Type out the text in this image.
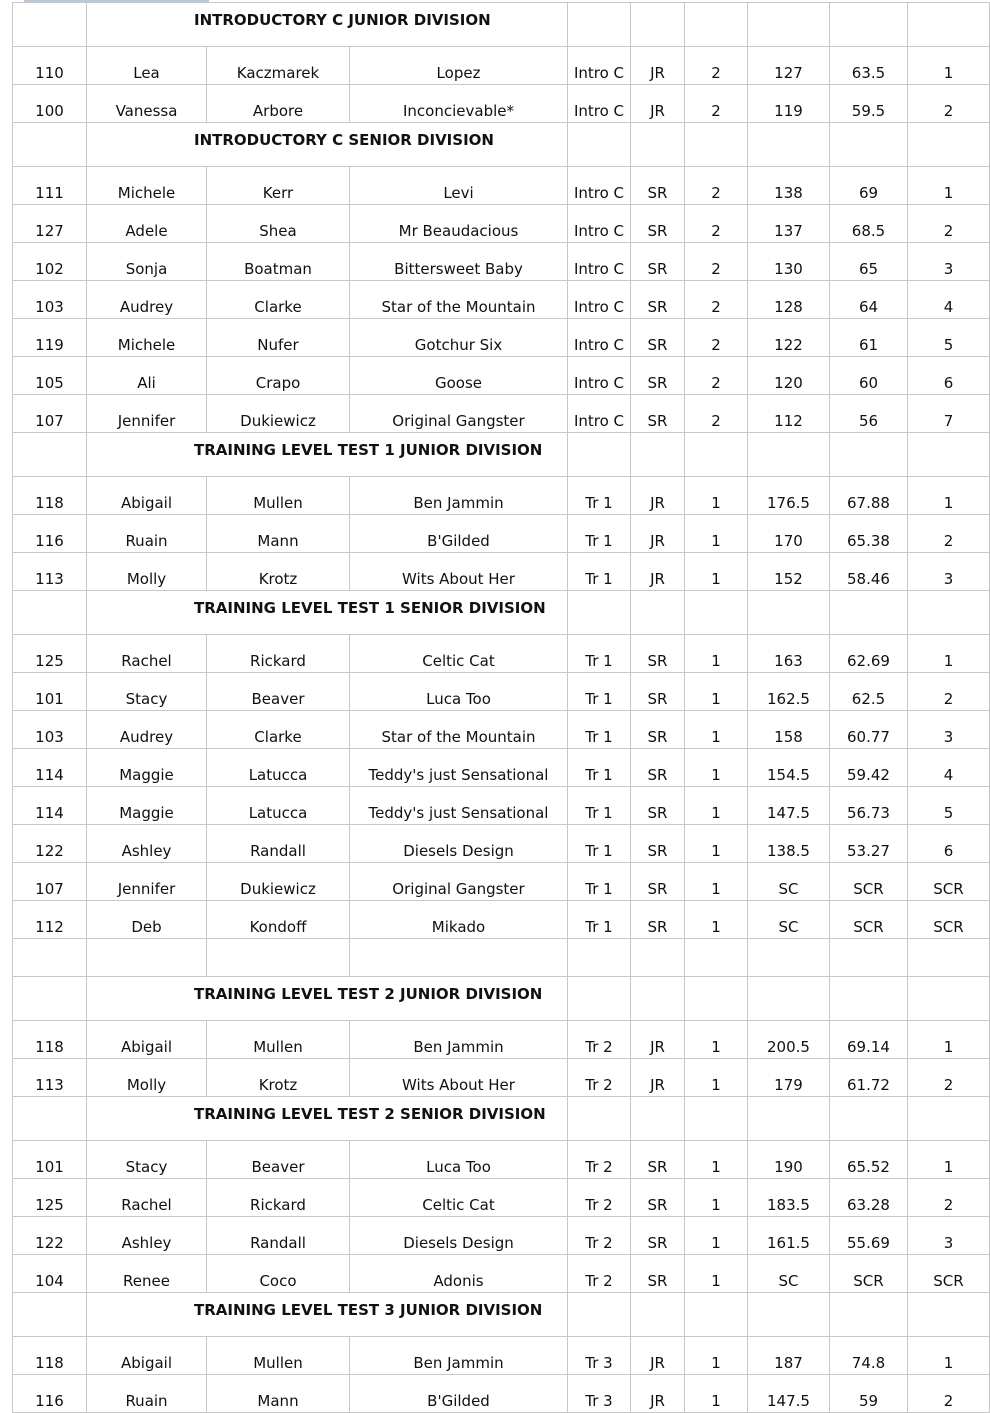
	INTRODUCTORY C JUNIOR DIVISION								
110	Lea	Kaczmarek	Lopez	Intro C	JR	2	127	63.5	1
100	Vanessa	Arbore	Inconcievable*	Intro C	JR	2	119	59.5	2
	INTRODUCTORY C SENIOR DIVISION								
111	Michele	Kerr	Levi	Intro C	SR	2	138	69	1
127	Adele	Shea	Mr Beaudacious	Intro C	SR	2	137	68.5	2
102	Sonja	Boatman	Bittersweet Baby	Intro C	SR	2	130	65	3
103	Audrey	Clarke	Star of the Mountain	Intro C	SR	2	128	64	4
119	Michele	Nufer	Gotchur Six	Intro C	SR	2	122	61	5
105	Ali	Crapo	Goose	Intro C	SR	2	120	60	6
107	Jennifer	Dukiewicz	Original Gangster	Intro C	SR	2	112	56	7
	TRAINING LEVEL TEST 1 JUNIOR DIVISION								
118	Abigail	Mullen	Ben Jammin	Tr 1	JR	1	176.5	67.88	1
116	Ruain	Mann	B'Gilded	Tr 1	JR	1	170	65.38	2
113	Molly	Krotz	Wits About Her	Tr 1	JR	1	152	58.46	3
	TRAINING LEVEL TEST 1 SENIOR DIVISION								
125	Rachel	Rickard	Celtic Cat	Tr 1	SR	1	163	62.69	1
101	Stacy	Beaver	Luca Too	Tr 1	SR	1	162.5	62.5	2
103	Audrey	Clarke	Star of the Mountain	Tr 1	SR	1	158	60.77	3
114	Maggie	Latucca	Teddy's just Sensational	Tr 1	SR	1	154.5	59.42	4
114	Maggie	Latucca	Teddy's just Sensational	Tr 1	SR	1	147.5	56.73	5
122	Ashley	Randall	Diesels Design	Tr 1	SR	1	138.5	53.27	6
107	Jennifer	Dukiewicz	Original Gangster	Tr 1	SR	1	SC	SCR	SCR
112	Deb	Kondoff	Mikado	Tr 1	SR	1	SC	SCR	SCR

	TRAINING LEVEL TEST 2 JUNIOR DIVISION								
118	Abigail	Mullen	Ben Jammin	Tr 2	JR	1	200.5	69.14	1
113	Molly	Krotz	Wits About Her	Tr 2	JR	1	179	61.72	2
	TRAINING LEVEL TEST 2 SENIOR DIVISION								
101	Stacy	Beaver	Luca Too	Tr 2	SR	1	190	65.52	1
125	Rachel	Rickard	Celtic Cat	Tr 2	SR	1	183.5	63.28	2
122	Ashley	Randall	Diesels Design	Tr 2	SR	1	161.5	55.69	3
104	Renee	Coco	Adonis	Tr 2	SR	1	SC	SCR	SCR
	TRAINING LEVEL TEST 3 JUNIOR DIVISION								
118	Abigail	Mullen	Ben Jammin	Tr 3	JR	1	187	74.8	1
116	Ruain	Mann	B'Gilded	Tr 3	JR	1	147.5	59	2
